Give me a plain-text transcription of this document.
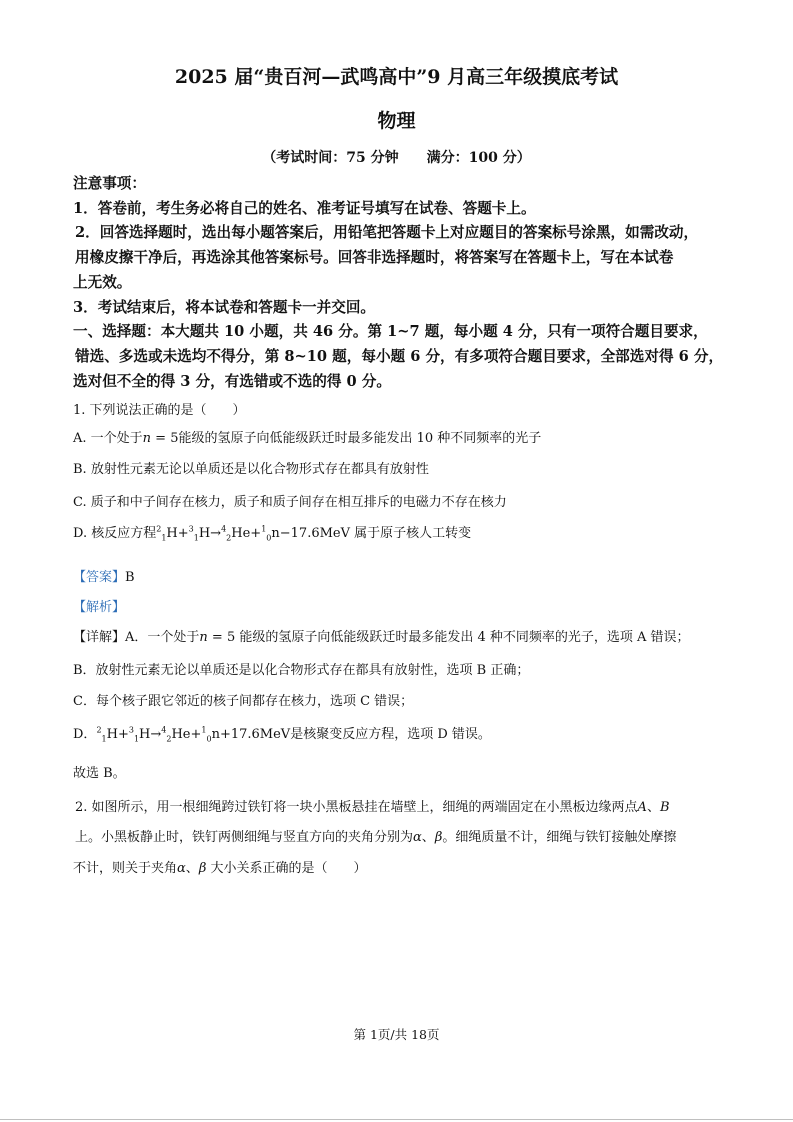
2025 届“贵百河—武鸣高中”9 月高三年级摸底考试
物理
（考试时间：75 分钟　　满分：100 分）
注意事项：
1．答卷前，考生务必将自己的姓名、准考证号填写在试卷、答题卡上。
2．回答选择题时，选出每小题答案后，用铅笔把答题卡上对应题目的答案标号涂黑，如需改动，
用橡皮擦干净后，再选涂其他答案标号。回答非选择题时，将答案写在答题卡上，写在本试卷
上无效。
3．考试结束后，将本试卷和答题卡一并交回。
一、选择题：本大题共 10 小题，共 46 分。第 1~7 题，每小题 4 分，只有一项符合题目要求，
错选、多选或未选均不得分，第 8~10 题，每小题 6 分，有多项符合题目要求，全部选对得 6 分，
选对但不全的得 3 分，有选错或不选的得 0 分。
1. 下列说法正确的是（　　）
A. 一个处于n = 5能级的氢原子向低能级跃迁时最多能发出 10 种不同频率的光子
B. 放射性元素无论以单质还是以化合物形式存在都具有放射性
C. 质子和中子间存在核力，质子和质子间存在相互排斥的电磁力不存在核力
D. 核反应方程$^2_1$H+$^3_1$H→$^4_2$He+$^1_0$n−17.6MeV 属于原子核人工转变
【答案】B
【解析】
【详解】A．一个处于n = 5 能级的氢原子向低能级跃迁时最多能发出 4 种不同频率的光子，选项 A 错误；
B．放射性元素无论以单质还是以化合物形式存在都具有放射性，选项 B 正确；
C．每个核子跟它邻近的核子间都存在核力，选项 C 错误；
D．$^2_1$H+$^3_1$H→$^4_2$He+$^1_0$n+17.6MeV是核聚变反应方程，选项 D 错误。
故选 B。
2. 如图所示，用一根细绳跨过铁钉将一块小黑板悬挂在墙壁上，细绳的两端固定在小黑板边缘两点A、B
上。小黑板静止时，铁钉两侧细绳与竖直方向的夹角分别为α、β。细绳质量不计，细绳与铁钉接触处摩擦
不计，则关于夹角α、β 大小关系正确的是（　　）
第 1页/共 18页
